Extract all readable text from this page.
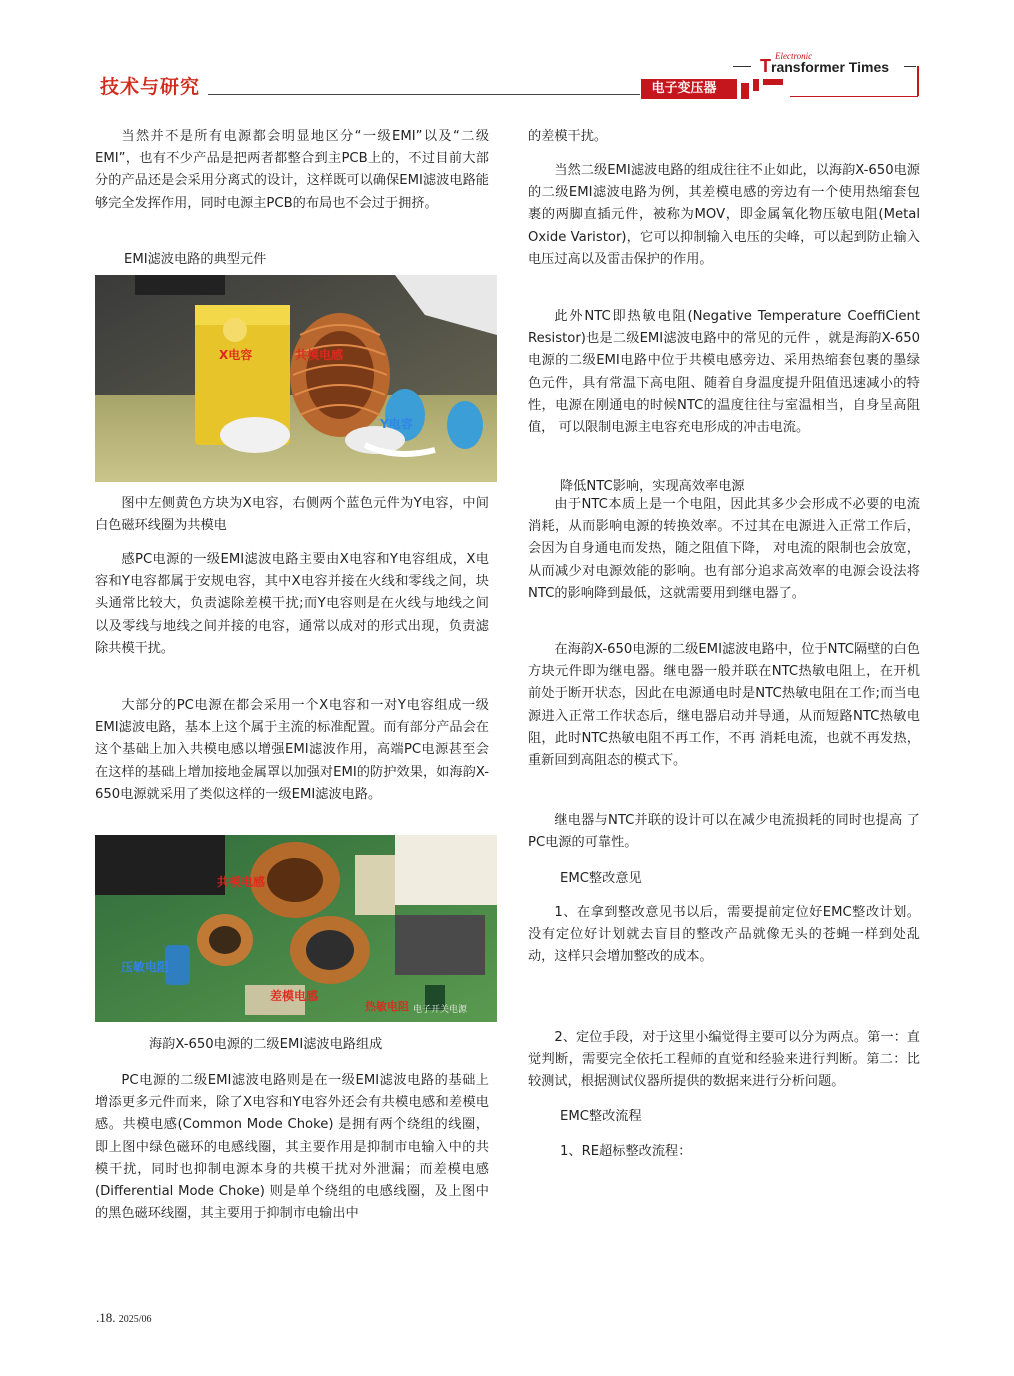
技术与研究	电子变压器
Electronic
Transformer Times

当然并不是所有电源都会明显地区分“一级EMI”以及“二级EMI”，也有不少产品是把两者都整合到主PCB上的，不过目前大部分的产品还是会采用分离式的设计，这样既可以确保EMI滤波电路能够完全发挥作用，同时电源主PCB的布局也不会过于拥挤。

EMI滤波电路的典型元件
X电容	共模电感
Y电容

图中左侧黄色方块为X电容，右侧两个蓝色元件为Y电容，中间白色磁环线圈为共模电

感PC电源的一级EMI滤波电路主要由X电容和Y电容组成，X电容和Y电容都属于安规电容，其中X电容并接在火线和零线之间，块头通常比较大，负责滤除差模干扰;而Y电容则是在火线与地线之间以及零线与地线之间并接的电容，通常以成对的形式出现，负责滤除共模干扰。

大部分的PC电源在都会采用一个X电容和一对Y电容组成一级EMI滤波电路，基本上这个属于主流的标准配置。而有部分产品会在这个基础上加入共模电感以增强EMI滤波作用，高端PC电源甚至会在这样的基础上增加接地金属罩以加强对EMI的防护效果，如海韵X-650电源就采用了类似这样的一级EMI滤波电路。

共模电感
压敏电阻
差模电感
热敏电阻 电子开关电源
海韵X-650电源的二级EMI滤波电路组成

PC电源的二级EMI滤波电路则是在一级EMI滤波电路的基础上增添更多元件而来，除了X电容和Y电容外还会有共模电感和差模电感。共模电感(Common Mode Choke) 是拥有两个绕组的线圈，即上图中绿色磁环的电感线圈，其主要作用是抑制市电输入中的共模干扰，同时也抑制电源本身的共模干扰对外泄漏；而差模电感(Differential Mode Choke) 则是单个绕组的电感线圈，及上图中的黑色磁环线圈，其主要用于抑制市电输出中

的差模干扰。

当然二级EMI滤波电路的组成往往不止如此，以海韵X-650电源的二级EMI滤波电路为例，其差模电感的旁边有一个使用热缩套包裹的两脚直插元件，被称为MOV，即金属氧化物压敏电阻(Metal Oxide Varistor)，它可以抑制输入电压的尖峰，可以起到防止输入电压过高以及雷击保护的作用。

此外NTC即热敏电阻(Negative Temperature CoeffiCient Resistor)也是二级EMI滤波电路中的常见的元件 ，就是海韵X-650电源的二级EMI电路中位于共模电感旁边、采用热缩套包裹的墨绿色元件，具有常温下高电阻、随着自身温度提升阻值迅速减小的特性，电源在刚通电的时候NTC的温度往往与室温相当，自身呈高阻值， 可以限制电源主电容充电形成的冲击电流。

降低NTC影响，实现高效率电源

由于NTC本质上是一个电阻，因此其多少会形成不必要的电流消耗，从而影响电源的转换效率。不过其在电源进入正常工作后，会因为自身通电而发热，随之阻值下降， 对电流的限制也会放宽，从而减少对电源效能的影响。也有部分追求高效率的电源会设法将NTC的影响降到最低，这就需要用到继电器了。

在海韵X-650电源的二级EMI滤波电路中，位于NTC隔壁的白色方块元件即为继电器。继电器一般并联在NTC热敏电阻上，在开机前处于断开状态，因此在电源通电时是NTC热敏电阻在工作;而当电源进入正常工作状态后，继电器启动并导通，从而短路NTC热敏电阻，此时NTC热敏电阻不再工作，不再 消耗电流，也就不再发热，重新回到高阻态的模式下。

继电器与NTC并联的设计可以在减少电流损耗的同时也提高 了PC电源的可靠性。

EMC整改意见

1、在拿到整改意见书以后，需要提前定位好EMC整改计划。没有定位好计划就去盲目的整改产品就像无头的苍蝇一样到处乱动，这样只会增加整改的成本。

2、定位手段，对于这里小编觉得主要可以分为两点。第一：直觉判断，需要完全依托工程师的直觉和经验来进行判断。第二：比较测试，根据测试仪器所提供的数据来进行分析问题。

EMC整改流程
1、RE超标整改流程：
.18. 2025/06
